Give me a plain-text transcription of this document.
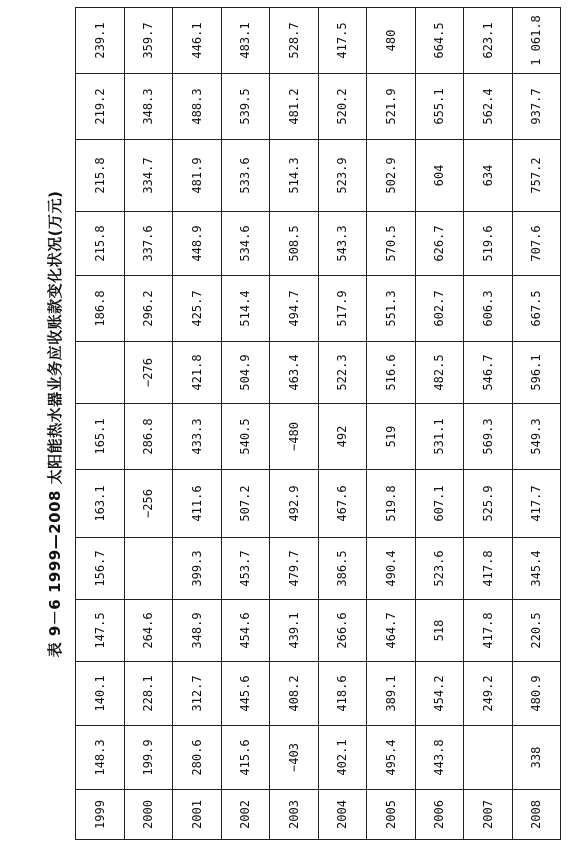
表 9－6 1999—2008 太阳能热水器业务应收账款变化状况(万元)
1999	148.3	140.1	147.5	156.7	163.1	165.1		186.8	215.8	215.8	219.2	239.1
2000	199.9	228.1	264.6		−256	286.8	−276	296.2	337.6	334.7	348.3	359.7
2001	280.6	312.7	348.9	399.3	411.6	433.3	421.8	425.7	448.9	481.9	488.3	446.1
2002	415.6	445.6	454.6	453.7	507.2	540.5	504.9	514.4	534.6	533.6	539.5	483.1
2003	−403	408.2	439.1	479.7	492.9	−480	463.4	494.7	508.5	514.3	481.2	528.7
2004	402.1	418.6	266.6	386.5	467.6	492	522.3	517.9	543.3	523.9	520.2	417.5
2005	495.4	389.1	464.7	490.4	519.8	519	516.6	551.3	570.5	502.9	521.9	480
2006	443.8	454.2	518	523.6	607.1	531.1	482.5	602.7	626.7	604	655.1	664.5
2007		249.2	417.8	417.8	525.9	569.3	546.7	606.3	519.6	634	562.4	623.1
2008	338	480.9	220.5	345.4	417.7	549.3	596.1	667.5	707.6	757.2	937.7	1 061.8
